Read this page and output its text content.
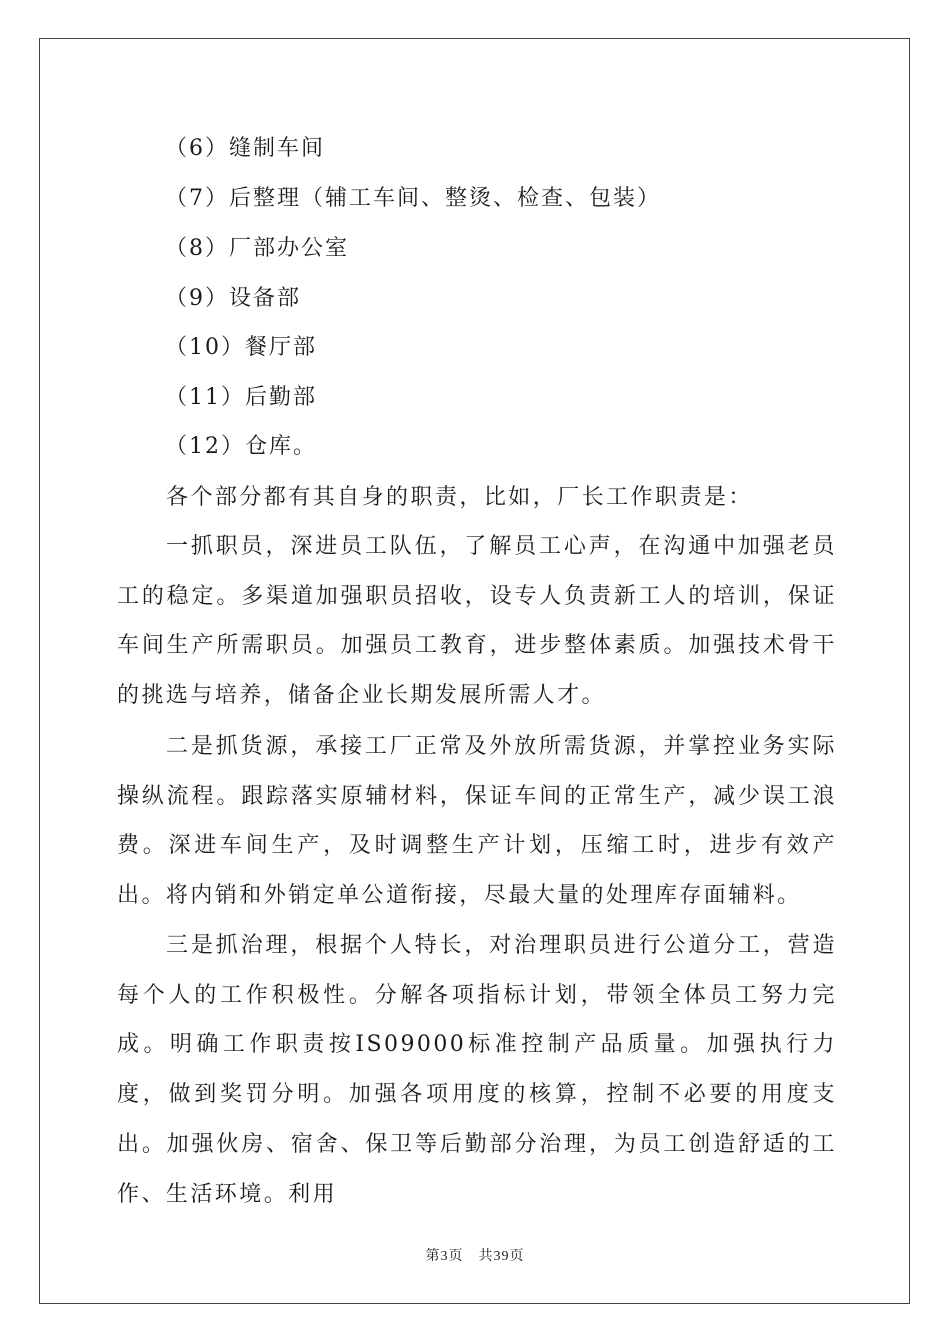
（6）缝制车间
（7）后整理（辅工车间、整烫、检查、包装）
（8）厂部办公室
（9）设备部
（10）餐厅部
（11）后勤部
（12）仓库。

各个部分都有其自身的职责，比如，厂长工作职责是：

一抓职员，深进员工队伍，了解员工心声，在沟通中加强老员工的稳定。多渠道加强职员招收，设专人负责新工人的培训，保证车间生产所需职员。加强员工教育，进步整体素质。加强技术骨干的挑选与培养，储备企业长期发展所需人才。

二是抓货源，承接工厂正常及外放所需货源，并掌控业务实际操纵流程。跟踪落实原辅材料，保证车间的正常生产，减少误工浪费。深进车间生产，及时调整生产计划，压缩工时，进步有效产出。将内销和外销定单公道衔接，尽最大量的处理库存面辅料。

三是抓治理，根据个人特长，对治理职员进行公道分工，营造每个人的工作积极性。分解各项指标计划，带领全体员工努力完成。明确工作职责按IS09000标准控制产品质量。加强执行力度，做到奖罚分明。加强各项用度的核算，控制不必要的用度支出。加强伙房、宿舍、保卫等后勤部分治理，为员工创造舒适的工作、生活环境。利用

第3页　共39页
